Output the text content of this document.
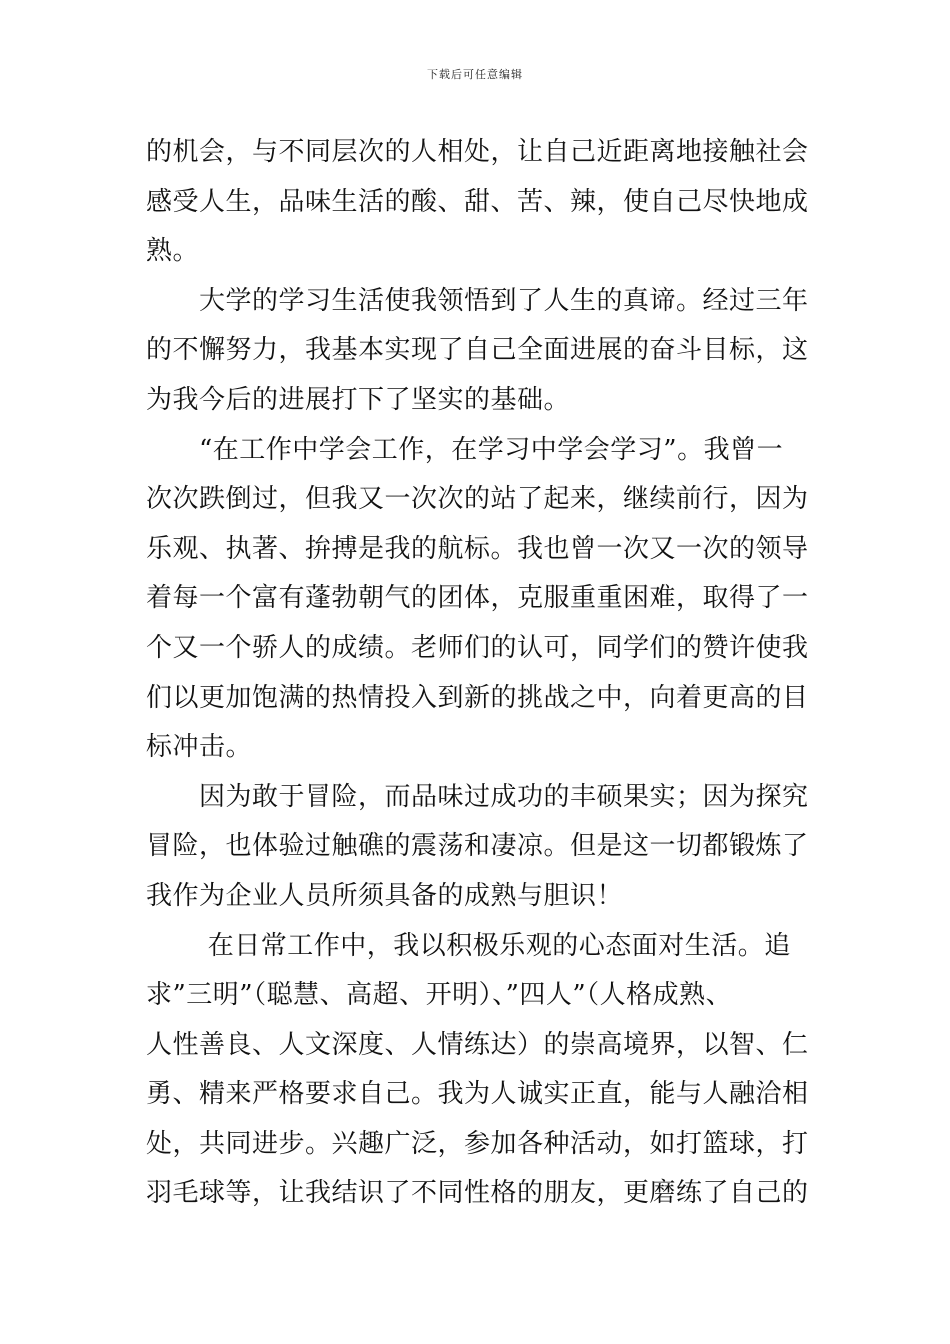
下载后可任意编辑
的机会，与不同层次的人相处，让自己近距离地接触社会
感受人生，品味生活的酸、甜、苦、辣，使自己尽快地成
熟。
　　大学的学习生活使我领悟到了人生的真谛。经过三年
的不懈努力，我基本实现了自己全面进展的奋斗目标，这
为我今后的进展打下了坚实的基础。
　　“在工作中学会工作，在学习中学会学习”。我曾一
次次跌倒过，但我又一次次的站了起来，继续前行，因为
乐观、执著、拚搏是我的航标。我也曾一次又一次的领导
着每一个富有蓬勃朝气的团体，克服重重困难，取得了一
个又一个骄人的成绩。老师们的认可，同学们的赞许使我
们以更加饱满的热情投入到新的挑战之中，向着更高的目
标冲击。
　　因为敢于冒险，而品味过成功的丰硕果实；因为探究
冒险，也体验过触礁的震荡和凄凉。但是这一切都锻炼了
我作为企业人员所须具备的成熟与胆识！
　　 在日常工作中，我以积极乐观的心态面对生活。追
求”三明”（聪慧、高超、开明）、”四人”（人格成熟、
人性善良、人文深度、人情练达）的崇高境界，以智、仁
勇、精来严格要求自己。我为人诚实正直，能与人融洽相
处，共同进步。兴趣广泛，参加各种活动，如打篮球，打
羽毛球等，让我结识了不同性格的朋友，更磨练了自己的
